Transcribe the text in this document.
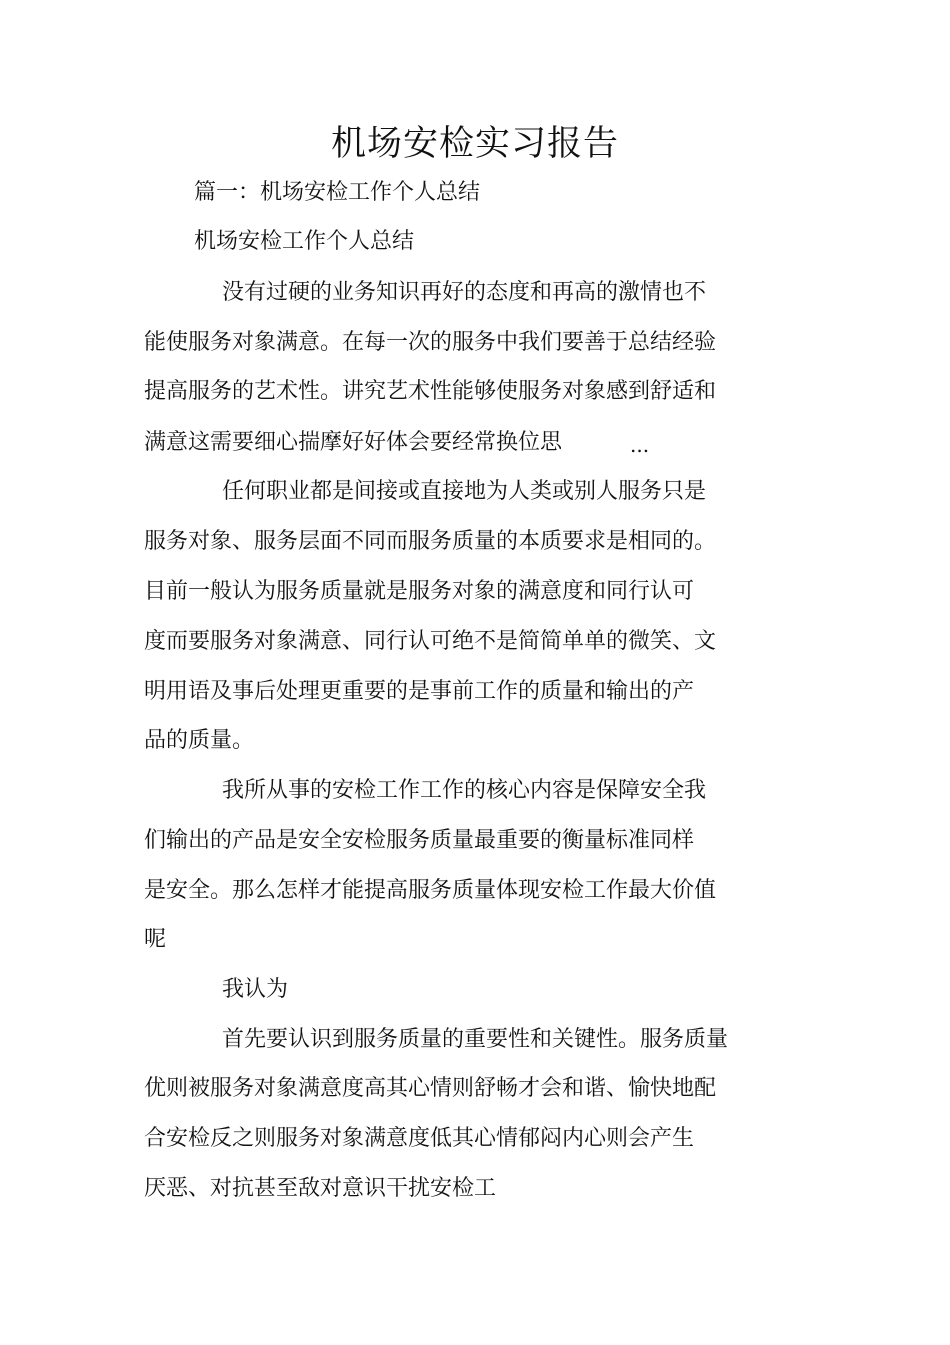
机场安检实习报告
篇一：机场安检工作个人总结
机场安检工作个人总结
没有过硬的业务知识再好的态度和再高的激情也不
能使服务对象满意。在每一次的服务中我们要善于总结经验
提高服务的艺术性。讲究艺术性能够使服务对象感到舒适和
满意这需要细心揣摩好好体会要经常换位思	...
任何职业都是间接或直接地为人类或别人服务只是
服务对象、服务层面不同而服务质量的本质要求是相同的。
目前一般认为服务质量就是服务对象的满意度和同行认可
度而要服务对象满意、同行认可绝不是简简单单的微笑、文
明用语及事后处理更重要的是事前工作的质量和输出的产
品的质量。
我所从事的安检工作工作的核心内容是保障安全我
们输出的产品是安全安检服务质量最重要的衡量标准同样
是安全。那么怎样才能提高服务质量体现安检工作最大价值
呢
我认为
首先要认识到服务质量的重要性和关键性。服务质量
优则被服务对象满意度高其心情则舒畅才会和谐、愉快地配
合安检反之则服务对象满意度低其心情郁闷内心则会产生
厌恶、对抗甚至敌对意识干扰安检工
